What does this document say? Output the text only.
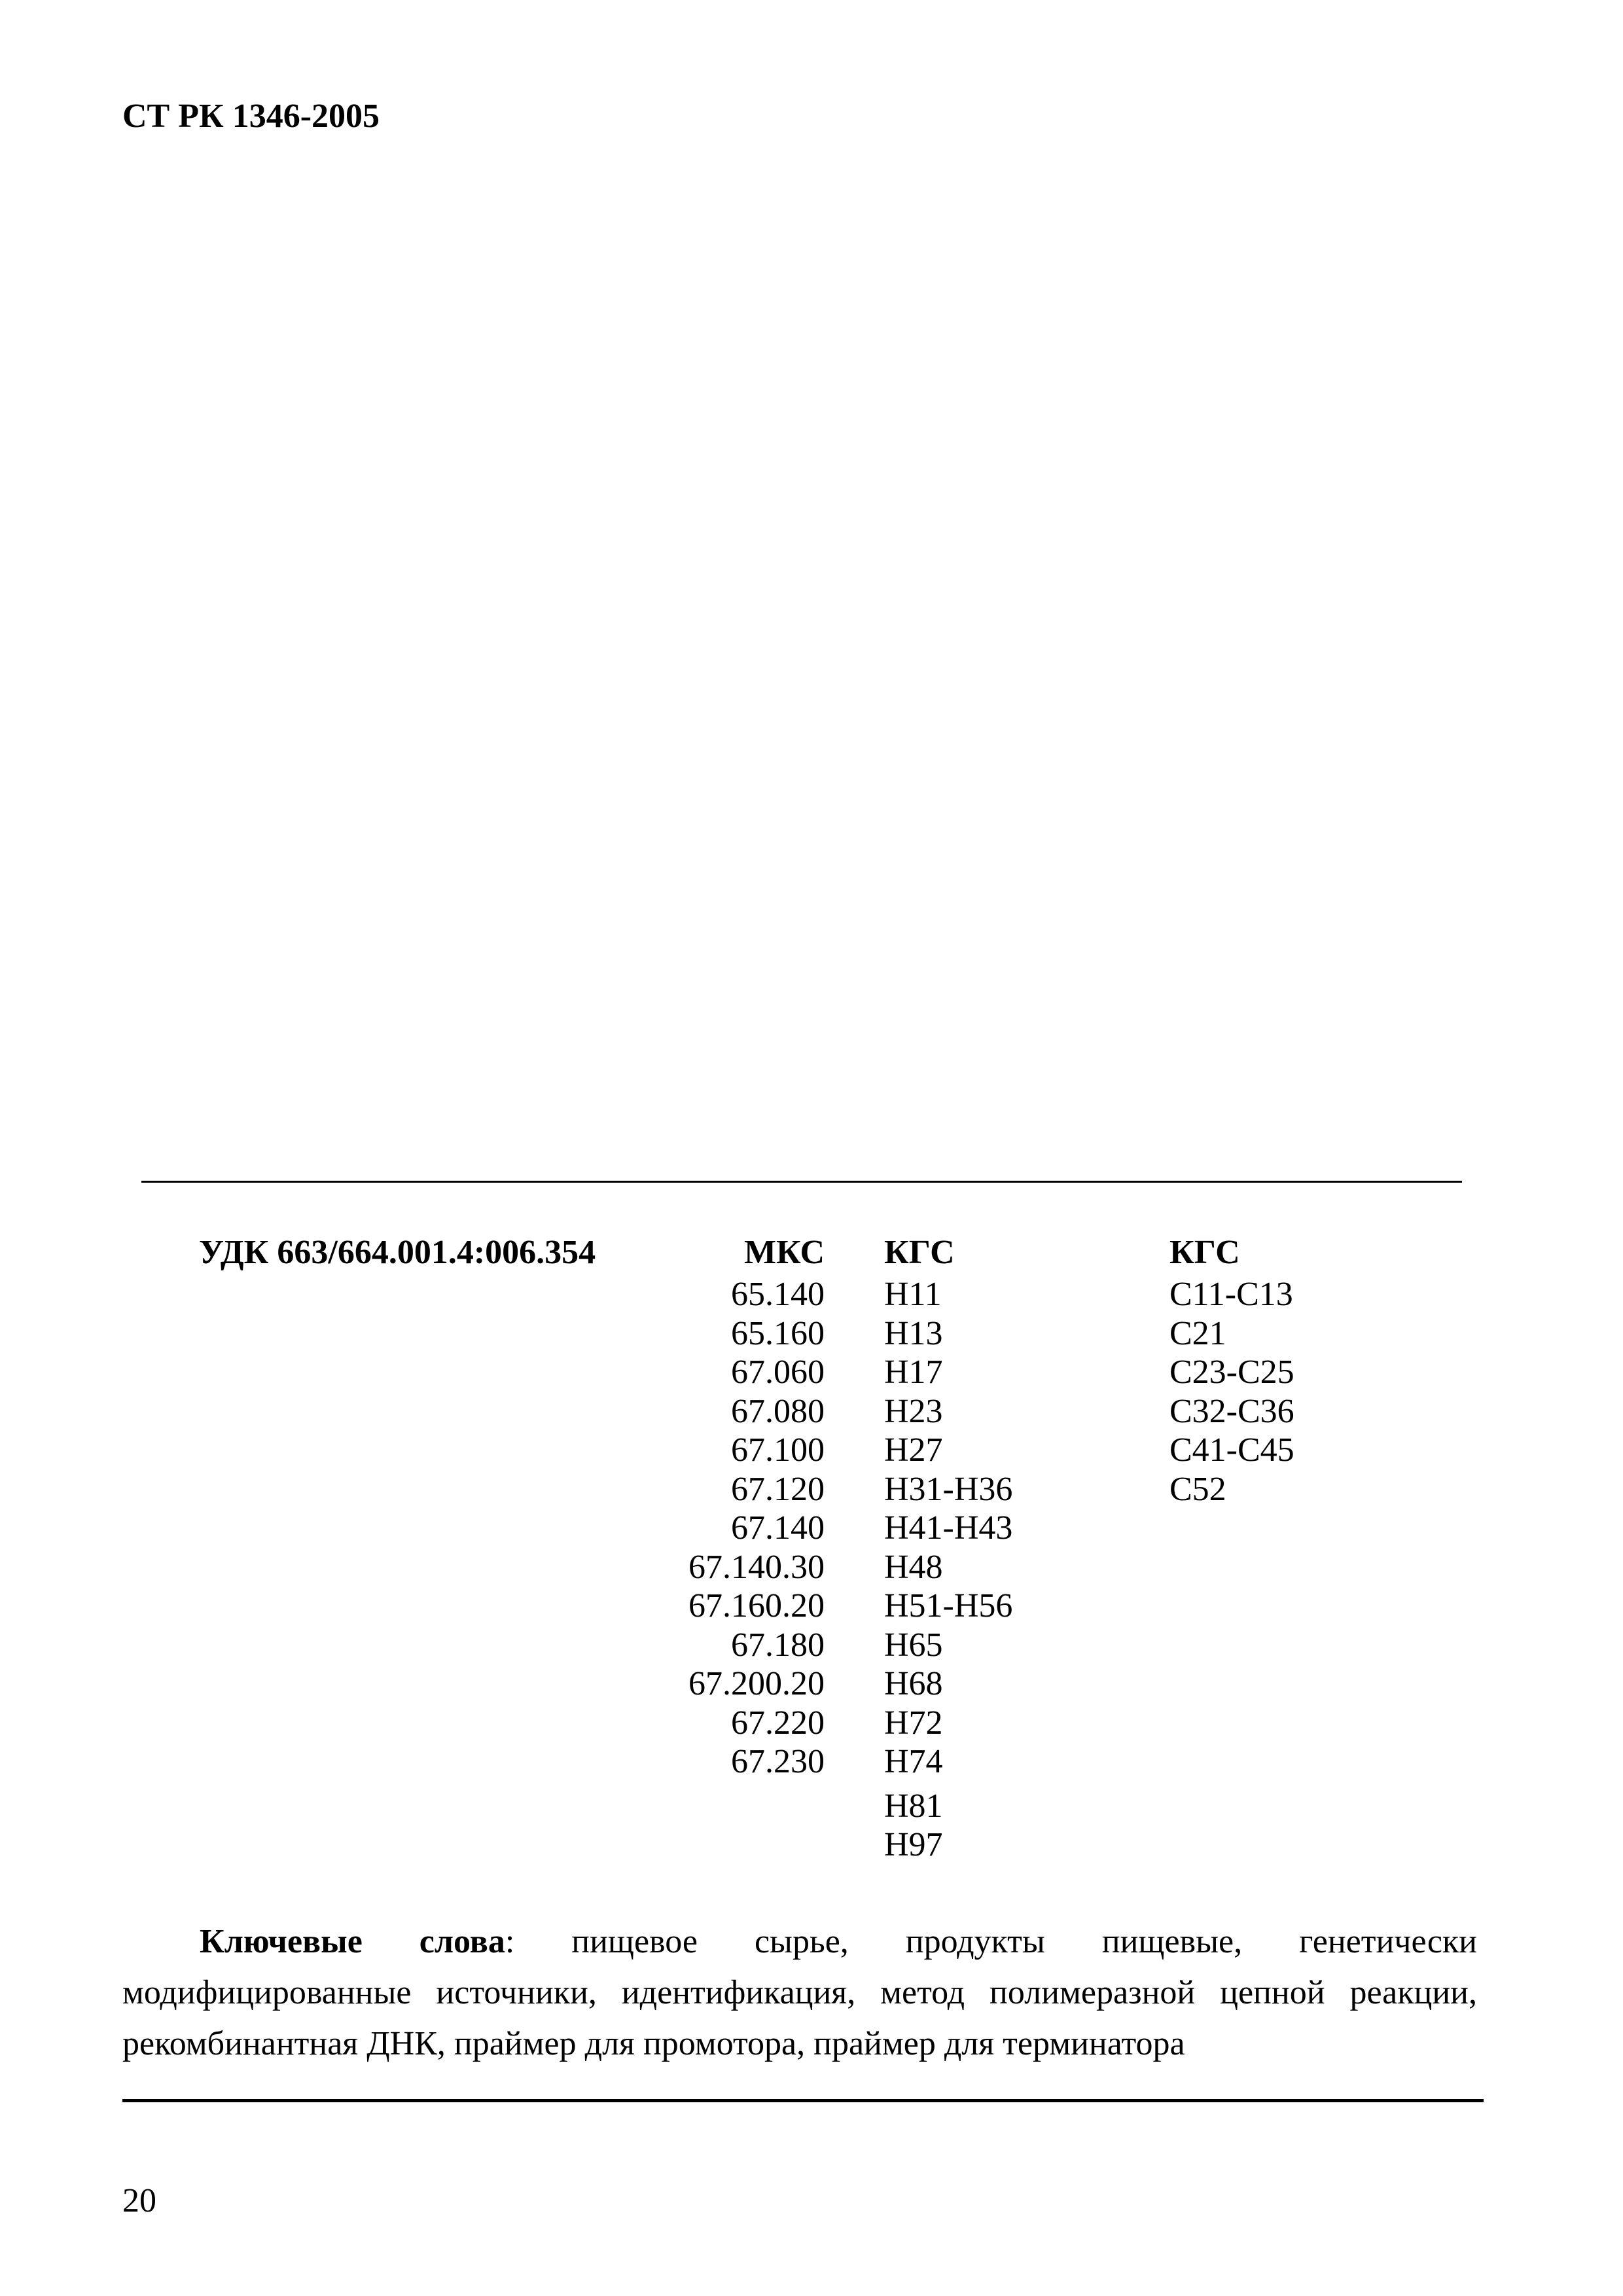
СТ РК 1346-2005
УДК 663/664.001.4:006.354	МКС
65.140
65.160
67.060
67.080
67.100
67.120
67.140
67.140.30
67.160.20
67.180
67.200.20
67.220
67.230
КГС
Н11
Н13
Н17
Н23
Н27
Н31-Н36
Н41-Н43
Н48
Н51-Н56
Н65
Н68
Н72
Н74
Н81
Н97
КГС
С11-С13
С21
С23-С25
С32-С36
С41-С45
С52
Ключевые слова: пищевое сырье, продукты пищевые, генетически модифицированные источники, идентификация, метод полимеразной цепной реакции, рекомбинантная ДНК, праймер для промотора, праймер для терминатора
20
